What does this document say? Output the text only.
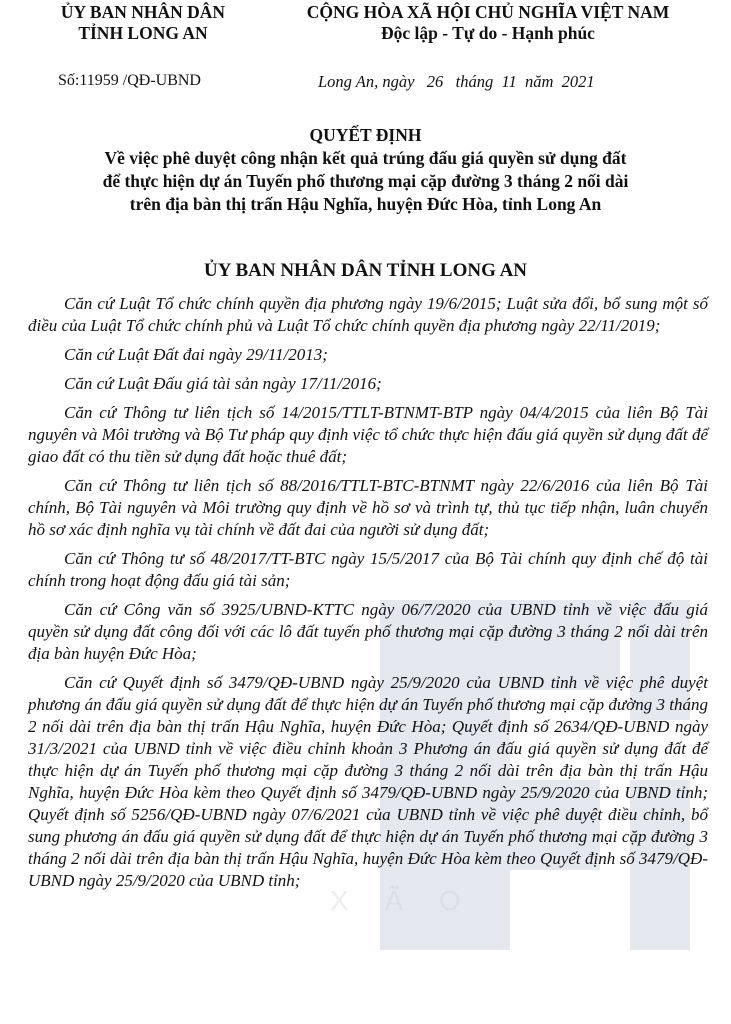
X Ã O
ỦY BAN NHÂN DÂN
TỈNH LONG AN
CỘNG HÒA XÃ HỘI CHỦ NGHĨA VIỆT NAM
Độc lập - Tự do - Hạnh phúc
Số:11959 /QĐ-UBND	Long An, ngày   26   tháng  11  năm  2021
QUYẾT ĐỊNH
Về việc phê duyệt công nhận kết quả trúng đấu giá quyền sử dụng đất
để thực hiện dự án Tuyến phố thương mại cặp đường 3 tháng 2 nối dài
trên địa bàn thị trấn Hậu Nghĩa, huyện Đức Hòa, tỉnh Long An
ỦY BAN NHÂN DÂN TỈNH LONG AN

Căn cứ Luật Tổ chức chính quyền địa phương ngày 19/6/2015; Luật sửa đổi, bổ sung một số điều của Luật Tổ chức chính phủ và Luật Tổ chức chính quyền địa phương ngày 22/11/2019;

Căn cứ Luật Đất đai ngày 29/11/2013;

Căn cứ Luật Đấu giá tài sản ngày 17/11/2016;

Căn cứ Thông tư liên tịch số 14/2015/TTLT-BTNMT-BTP ngày 04/4/2015 của liên Bộ Tài nguyên và Môi trường và Bộ Tư pháp quy định việc tổ chức thực hiện đấu giá quyền sử dụng đất để giao đất có thu tiền sử dụng đất hoặc thuê đất;

Căn cứ Thông tư liên tịch số 88/2016/TTLT-BTC-BTNMT ngày 22/6/2016 của liên Bộ Tài chính, Bộ Tài nguyên và Môi trường quy định về hồ sơ và trình tự, thủ tục tiếp nhận, luân chuyển hồ sơ xác định nghĩa vụ tài chính về đất đai của người sử dụng đất;

Căn cứ Thông tư số 48/2017/TT-BTC ngày 15/5/2017 của Bộ Tài chính quy định chế độ tài chính trong hoạt động đấu giá tài sản;

Căn cứ Công văn số 3925/UBND-KTTC ngày 06/7/2020 của UBND tỉnh về việc đấu giá quyền sử dụng đất công đối với các lô đất tuyến phố thương mại cặp đường 3 tháng 2 nối dài trên địa bàn huyện Đức Hòa;

Căn cứ Quyết định số 3479/QĐ-UBND ngày 25/9/2020 của UBND tỉnh về việc phê duyệt phương án đấu giá quyền sử dụng đất để thực hiện dự án Tuyến phố thương mại cặp đường 3 tháng 2 nối dài trên địa bàn thị trấn Hậu Nghĩa, huyện Đức Hòa; Quyết định số 2634/QĐ-UBND ngày 31/3/2021 của UBND tỉnh về việc điều chỉnh khoản 3 Phương án đấu giá quyền sử dụng đất để thực hiện dự án Tuyến phố thương mại cặp đường 3 tháng 2 nối dài trên địa bàn thị trấn Hậu Nghĩa, huyện Đức Hòa kèm theo Quyết định số 3479/QĐ-UBND ngày 25/9/2020 của UBND tỉnh; Quyết định số 5256/QĐ-UBND ngày 07/6/2021 của UBND tỉnh về việc phê duyệt điều chỉnh, bổ sung phương án đấu giá quyền sử dụng đất để thực hiện dự án Tuyến phố thương mại cặp đường 3 tháng 2 nối dài trên địa bàn thị trấn Hậu Nghĩa, huyện Đức Hòa kèm theo Quyết định số 3479/QĐ-UBND ngày 25/9/2020 của UBND tỉnh;
